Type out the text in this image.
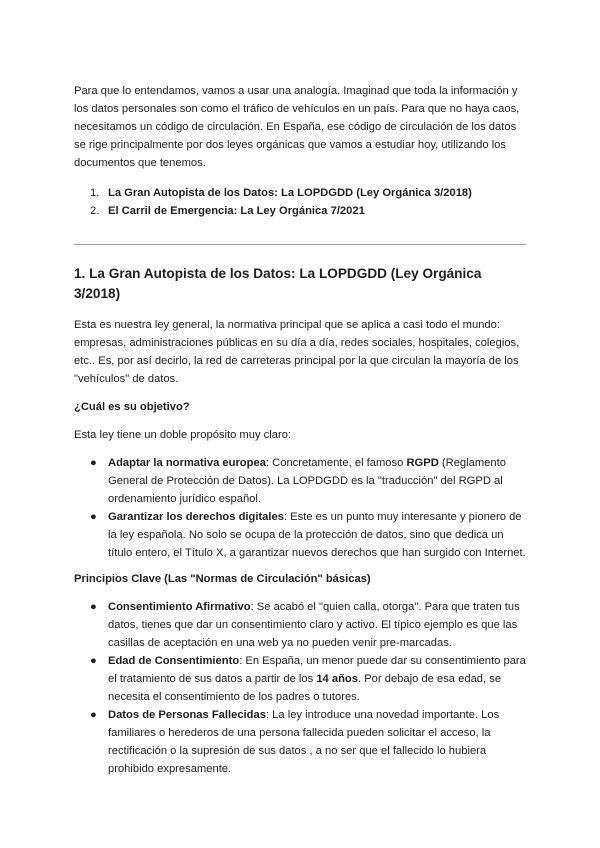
Para que lo entendamos, vamos a usar una analogía. Imaginad que toda la información y los datos personales son como el tráfico de vehículos en un país. Para que no haya caos, necesitamos un código de circulación. En España, ese código de circulación de los datos se rige principalmente por dos leyes orgánicas que vamos a estudiar hoy, utilizando los documentos que tenemos.

1. La Gran Autopista de los Datos: La LOPDGDD (Ley Orgánica 3/2018)
2. El Carril de Emergencia: La Ley Orgánica 7/2021
1. La Gran Autopista de los Datos: La LOPDGDD (Ley Orgánica 3/2018)

Esta es nuestra ley general, la normativa principal que se aplica a casi todo el mundo: empresas, administraciones públicas en su día a día, redes sociales, hospitales, colegios, etc.. Es, por así decirlo, la red de carreteras principal por la que circulan la mayoría de los "vehículos" de datos.

¿Cuál es su objetivo?

Esta ley tiene un doble propósito muy claro:

● Adaptar la normativa europea: Concretamente, el famoso RGPD (Reglamento General de Protección de Datos). La LOPDGDD es la "traducción" del RGPD al ordenamiento jurídico español.
● Garantizar los derechos digitales: Este es un punto muy interesante y pionero de la ley española. No solo se ocupa de la protección de datos, sino que dedica un título entero, el Título X, a garantizar nuevos derechos que han surgido con Internet.
Principios Clave (Las "Normas de Circulación" básicas)
● Consentimiento Afirmativo: Se acabó el "quien calla, otorga". Para que traten tus datos, tienes que dar un consentimiento claro y activo. El típico ejemplo es que las casillas de aceptación en una web ya no pueden venir pre-marcadas.
● Edad de Consentimiento: En España, un menor puede dar su consentimiento para el tratamiento de sus datos a partir de los 14 años. Por debajo de esa edad, se necesita el consentimiento de los padres o tutores.
● Datos de Personas Fallecidas: La ley introduce una novedad importante. Los familiares o herederos de una persona fallecida pueden solicitar el acceso, la rectificación o la supresión de sus datos , a no ser que el fallecido lo hubiera prohibido expresamente.
